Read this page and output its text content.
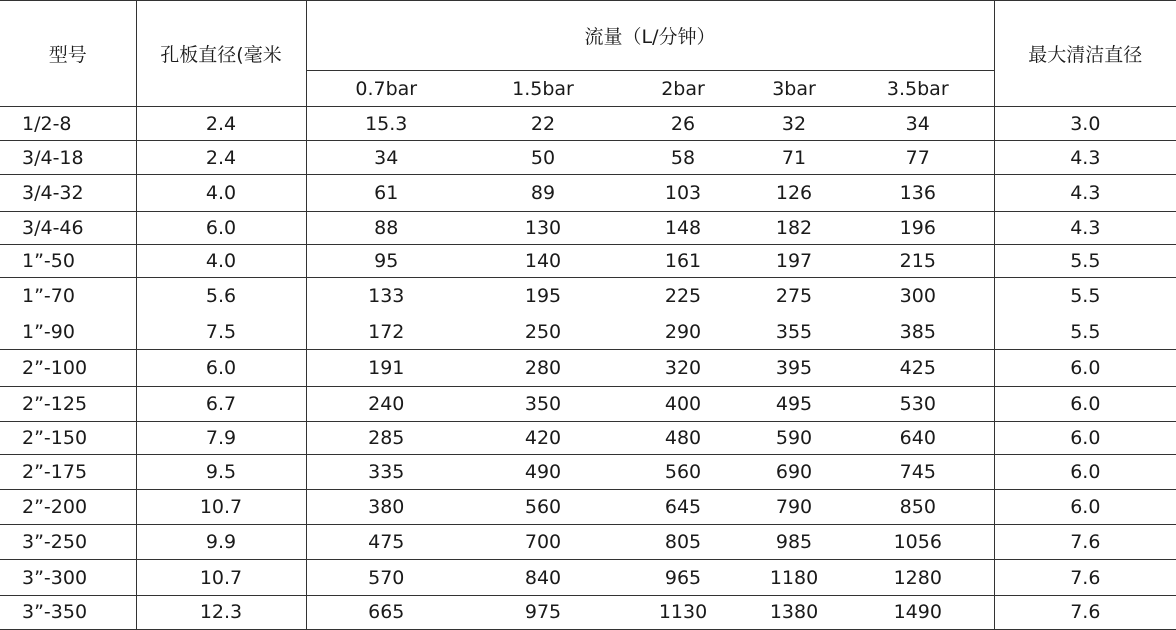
型号	孔板直径(毫米	流量（L/分钟）					最大清洁直径
		0.7bar	1.5bar	2bar	3bar	3.5bar	
1/2-8	2.4	15.3	22	26	32	34	3.0
3/4-18	2.4	34	50	58	71	77	4.3
3/4-32	4.0	61	89	103	126	136	4.3
3/4-46	6.0	88	130	148	182	196	4.3
1”-50	4.0	95	140	161	197	215	5.5
1”-70	5.6	133	195	225	275	300	5.5
1”-90	7.5	172	250	290	355	385	5.5
2”-100	6.0	191	280	320	395	425	6.0
2”-125	6.7	240	350	400	495	530	6.0
2”-150	7.9	285	420	480	590	640	6.0
2”-175	9.5	335	490	560	690	745	6.0
2”-200	10.7	380	560	645	790	850	6.0
3”-250	9.9	475	700	805	985	1056	7.6
3”-300	10.7	570	840	965	1180	1280	7.6
3”-350	12.3	665	975	1130	1380	1490	7.6
